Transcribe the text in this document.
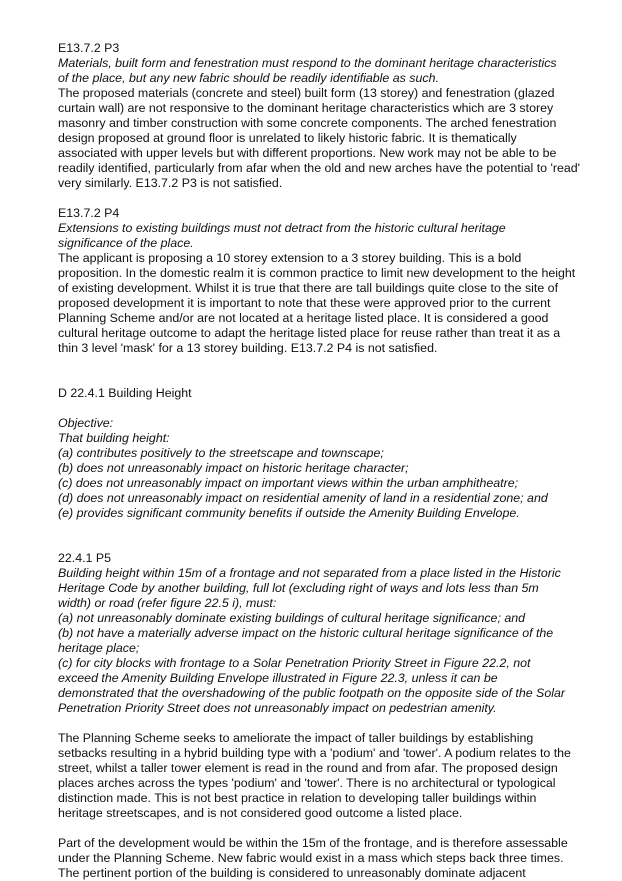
E13.7.2 P3
Materials, built form and fenestration must respond to the dominant heritage characteristics
of the place, but any new fabric should be readily identifiable as such.
The proposed materials (concrete and steel) built form (13 storey) and fenestration (glazed
curtain wall) are not responsive to the dominant heritage characteristics which are 3 storey
masonry and timber construction with some concrete components. The arched fenestration
design proposed at ground floor is unrelated to likely historic fabric. It is thematically
associated with upper levels but with different proportions. New work may not be able to be
readily identified, particularly from afar when the old and new arches have the potential to 'read'
very similarly. E13.7.2 P3 is not satisfied.
E13.7.2 P4
Extensions to existing buildings must not detract from the historic cultural heritage
significance of the place.
The applicant is proposing a 10 storey extension to a 3 storey building. This is a bold
proposition. In the domestic realm it is common practice to limit new development to the height
of existing development. Whilst it is true that there are tall buildings quite close to the site of
proposed development it is important to note that these were approved prior to the current
Planning Scheme and/or are not located at a heritage listed place. It is considered a good
cultural heritage outcome to adapt the heritage listed place for reuse rather than treat it as a
thin 3 level 'mask' for a 13 storey building. E13.7.2 P4 is not satisfied.
D 22.4.1 Building Height
Objective:
That building height:
(a) contributes positively to the streetscape and townscape;
(b) does not unreasonably impact on historic heritage character;
(c) does not unreasonably impact on important views within the urban amphitheatre;
(d) does not unreasonably impact on residential amenity of land in a residential zone; and
(e) provides significant community benefits if outside the Amenity Building Envelope.
22.4.1 P5
Building height within 15m of a frontage and not separated from a place listed in the Historic
Heritage Code by another building, full lot (excluding right of ways and lots less than 5m
width) or road (refer figure 22.5 i), must:
(a) not unreasonably dominate existing buildings of cultural heritage significance; and
(b) not have a materially adverse impact on the historic cultural heritage significance of the
heritage place;
(c) for city blocks with frontage to a Solar Penetration Priority Street in Figure 22.2, not
exceed the Amenity Building Envelope illustrated in Figure 22.3, unless it can be
demonstrated that the overshadowing of the public footpath on the opposite side of the Solar
Penetration Priority Street does not unreasonably impact on pedestrian amenity.
The Planning Scheme seeks to ameliorate the impact of taller buildings by establishing
setbacks resulting in a hybrid building type with a 'podium' and 'tower'. A podium relates to the
street, whilst a taller tower element is read in the round and from afar. The proposed design
places arches across the types 'podium' and 'tower'. There is no architectural or typological
distinction made. This is not best practice in relation to developing taller buildings within
heritage streetscapes, and is not considered good outcome a listed place.
Part of the development would be within the 15m of the frontage, and is therefore assessable
under the Planning Scheme. New fabric would exist in a mass which steps back three times.
The pertinent portion of the building is considered to unreasonably dominate adjacent
